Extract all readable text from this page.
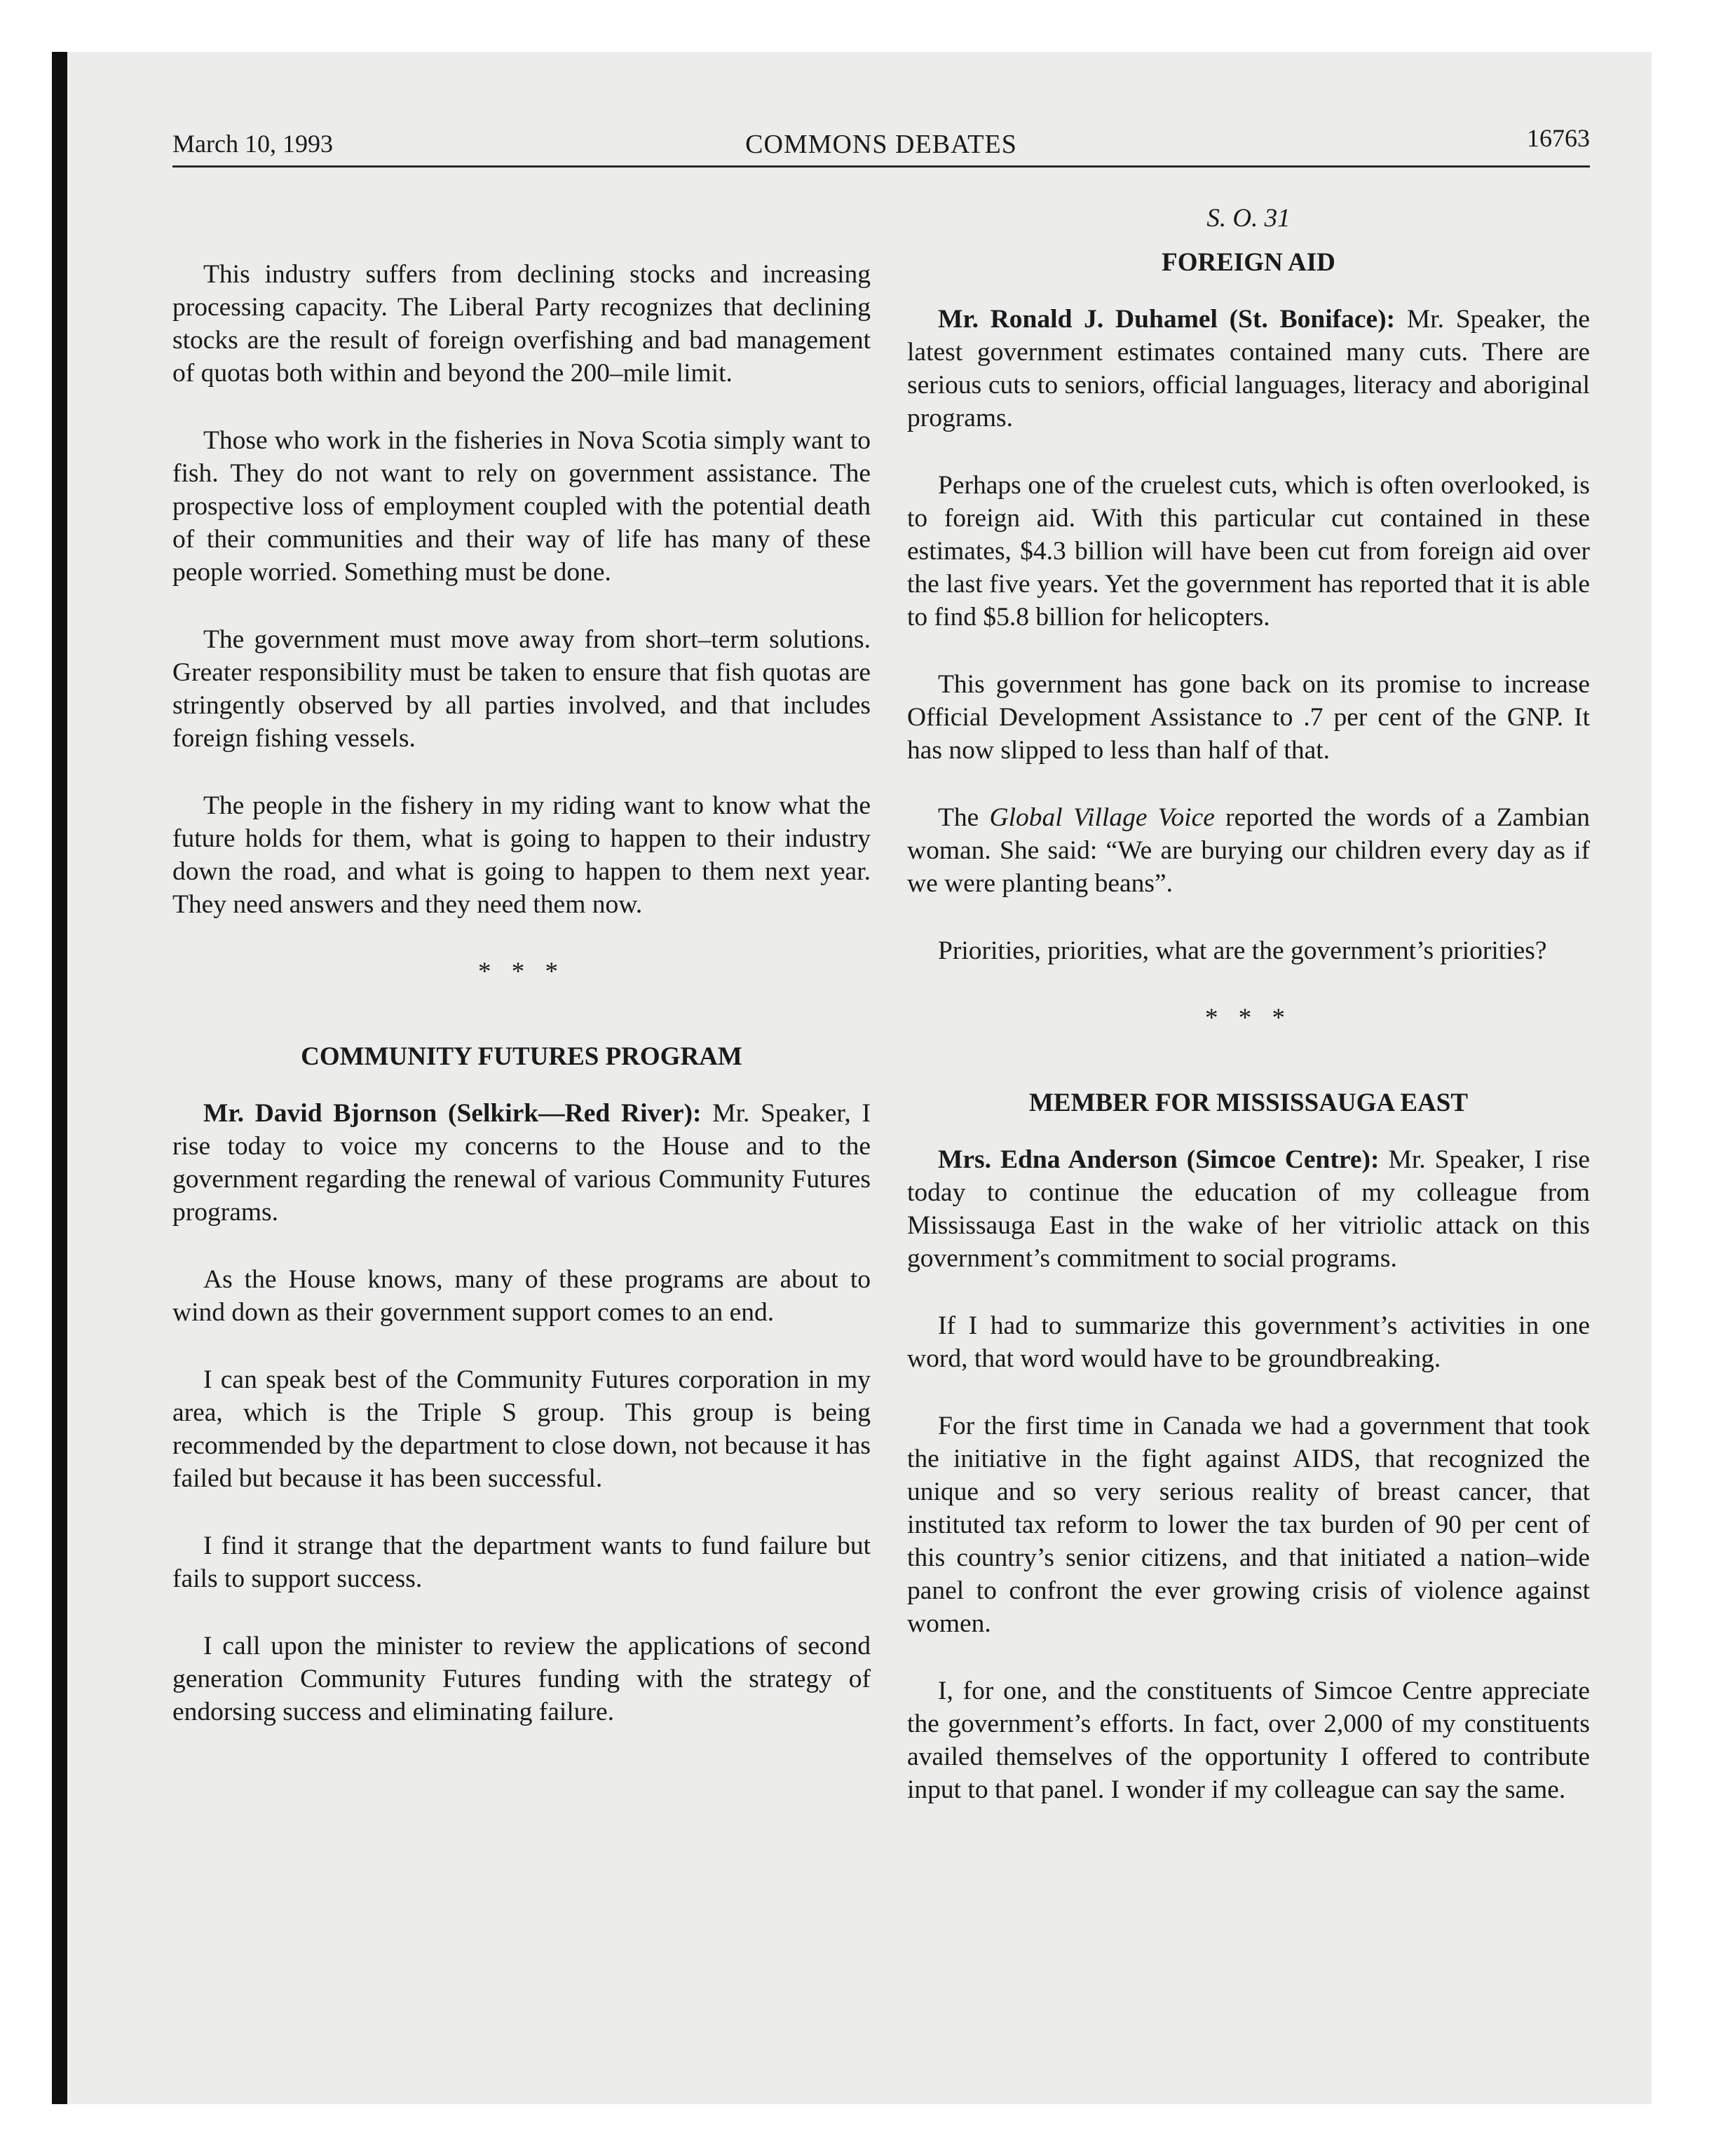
March 10, 1993	COMMONS DEBATES	16763

This industry suffers from declining stocks and increasing processing capacity. The Liberal Party recognizes that declining stocks are the result of foreign overfishing and bad management of quotas both within and beyond the 200–mile limit.

Those who work in the fisheries in Nova Scotia simply want to fish. They do not want to rely on government assistance. The prospective loss of employment coupled with the potential death of their communities and their way of life has many of these people worried. Something must be done.

The government must move away from short–term solutions. Greater responsibility must be taken to ensure that fish quotas are stringently observed by all parties involved, and that includes foreign fishing vessels.

The people in the fishery in my riding want to know what the future holds for them, what is going to happen to their industry down the road, and what is going to happen to them next year. They need answers and they need them now.

* * *
COMMUNITY FUTURES PROGRAM

Mr. David Bjornson (Selkirk—Red River): Mr. Speaker, I rise today to voice my concerns to the House and to the government regarding the renewal of various Community Futures programs.

As the House knows, many of these programs are about to wind down as their government support comes to an end.

I can speak best of the Community Futures corporation in my area, which is the Triple S group. This group is being recommended by the department to close down, not because it has failed but because it has been successful.

I find it strange that the department wants to fund failure but fails to support success.

I call upon the minister to review the applications of second generation Community Futures funding with the strategy of endorsing success and eliminating failure.

S. O. 31
FOREIGN AID

Mr. Ronald J. Duhamel (St. Boniface): Mr. Speaker, the latest government estimates contained many cuts. There are serious cuts to seniors, official languages, literacy and aboriginal programs.

Perhaps one of the cruelest cuts, which is often overlooked, is to foreign aid. With this particular cut contained in these estimates, $4.3 billion will have been cut from foreign aid over the last five years. Yet the government has reported that it is able to find $5.8 billion for helicopters.

This government has gone back on its promise to increase Official Development Assistance to .7 per cent of the GNP. It has now slipped to less than half of that.

The Global Village Voice reported the words of a Zambian woman. She said: “We are burying our children every day as if we were planting beans”.

Priorities, priorities, what are the government’s priorities?

* * *
MEMBER FOR MISSISSAUGA EAST

Mrs. Edna Anderson (Simcoe Centre): Mr. Speaker, I rise today to continue the education of my colleague from Mississauga East in the wake of her vitriolic attack on this government’s commitment to social programs.

If I had to summarize this government’s activities in one word, that word would have to be groundbreaking.

For the first time in Canada we had a government that took the initiative in the fight against AIDS, that recognized the unique and so very serious reality of breast cancer, that instituted tax reform to lower the tax burden of 90 per cent of this country’s senior citizens, and that initiated a nation–wide panel to confront the ever growing crisis of violence against women.

I, for one, and the constituents of Simcoe Centre appreciate the government’s efforts. In fact, over 2,000 of my constituents availed themselves of the opportunity I offered to contribute input to that panel. I wonder if my colleague can say the same.
